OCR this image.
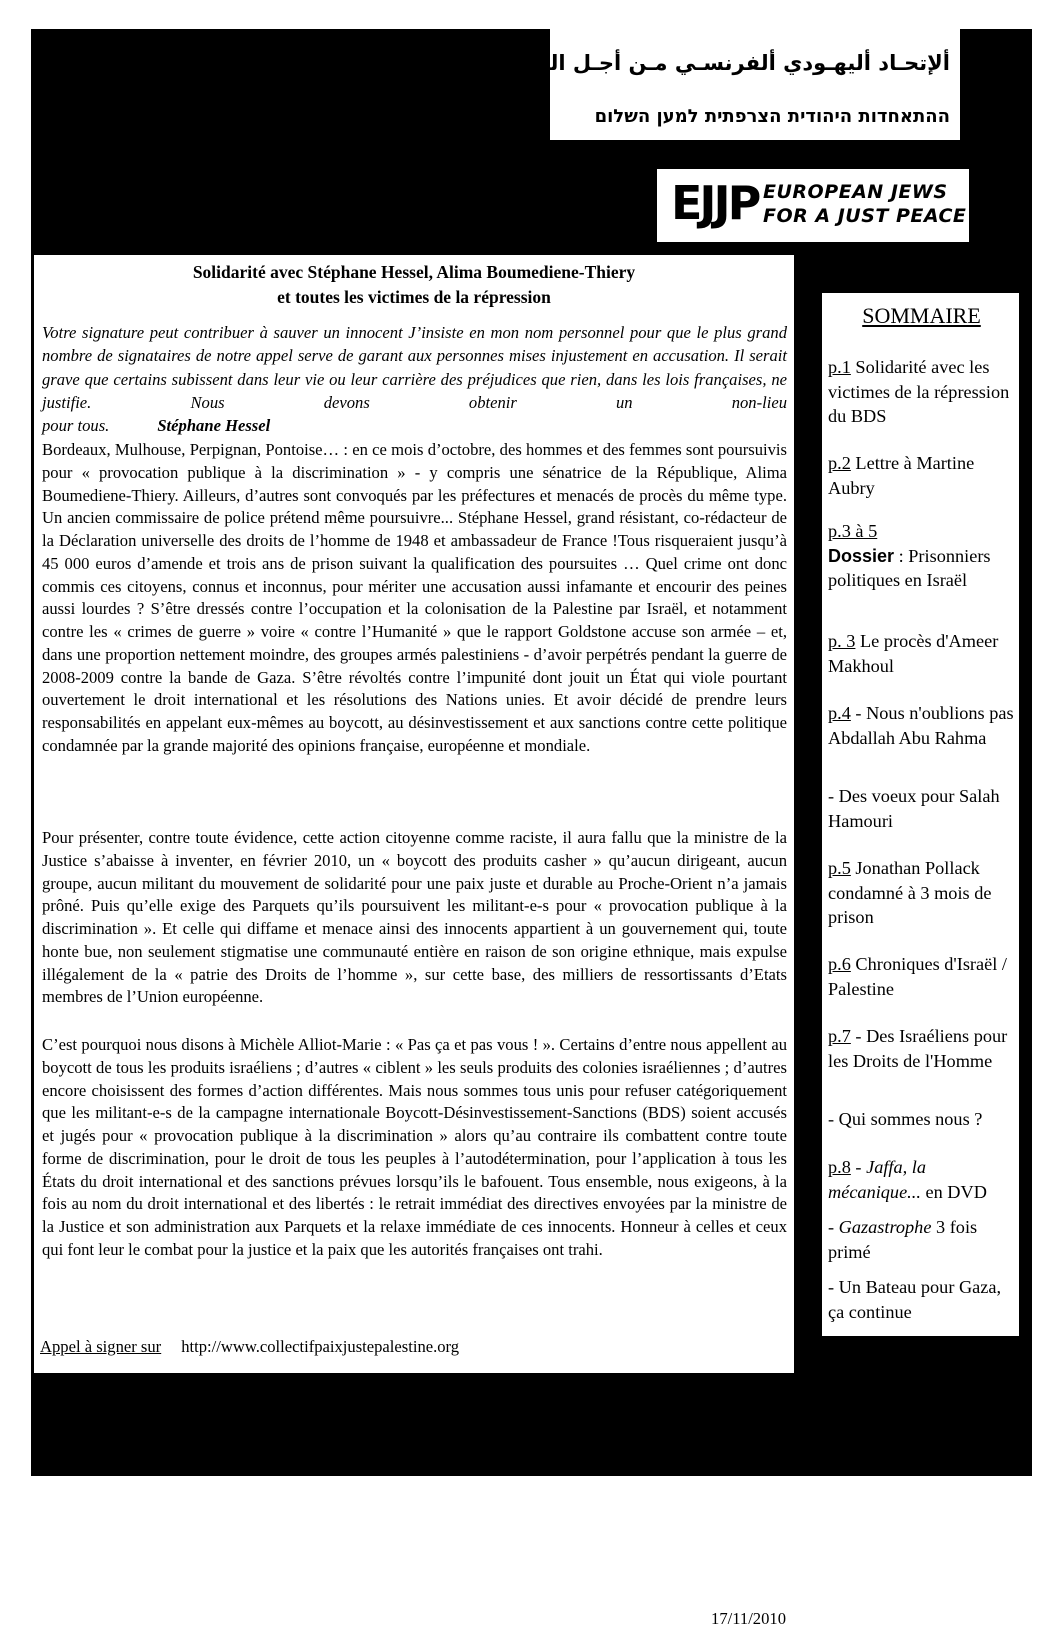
ألإتحـاد أليهـودي ألفرنسـي مـن أجـل السـلام
ההתאחדות היהודית הצרפתית למען השלום
EJJP EUROPEAN JEWS
FOR A JUST PEACE
Solidarité avec Stéphane Hessel, Alima Boumediene-Thiery
et toutes les victimes de la répression
Votre signature peut contribuer à sauver un innocent J’insiste en mon nom personnel pour que le plus grand nombre de signataires de notre appel serve de garant aux personnes mises injustement en accusation. Il serait grave que certains subissent dans leur vie ou leur carrière des préjudices que rien, dans les lois françaises, ne justifie. Nous devons obtenir un non-lieu
pour tous.	Stéphane Hessel
Bordeaux, Mulhouse, Perpignan, Pontoise… : en ce mois d’octobre, des hommes et des femmes sont poursuivis pour « provocation publique à la discrimination » - y compris une sénatrice de la République, Alima Boumediene-Thiery. Ailleurs, d’autres sont convoqués par les préfectures et menacés de procès du même type. Un ancien commissaire de police prétend même poursuivre... Stéphane Hessel, grand résistant, co-rédacteur de la Déclaration universelle des droits de l’homme de 1948 et ambassadeur de France !Tous risqueraient jusqu’à 45 000 euros d’amende et trois ans de prison suivant la qualification des poursuites … Quel crime ont donc commis ces citoyens, connus et inconnus, pour mériter une accusation aussi infamante et encourir des peines aussi lourdes ? S’être dressés contre l’occupation et la colonisation de la Palestine par Israël, et notamment contre les « crimes de guerre » voire « contre l’Humanité » que le rapport Goldstone accuse son armée – et, dans une proportion nettement moindre, des groupes armés palestiniens - d’avoir perpétrés pendant la guerre de 2008-2009 contre la bande de Gaza. S’être révoltés contre l’impunité dont jouit un État qui viole pourtant ouvertement le droit international et les résolutions des Nations unies. Et avoir décidé de prendre leurs responsabilités en appelant eux-mêmes au boycott, au désinvestissement et aux sanctions contre cette politique condamnée par la grande majorité des opinions française, européenne et mondiale.
Pour présenter, contre toute évidence, cette action citoyenne comme raciste, il aura fallu que la ministre de la Justice s’abaisse à inventer, en février 2010, un « boycott des produits casher » qu’aucun dirigeant, aucun groupe, aucun militant du mouvement de solidarité pour une paix juste et durable au Proche-Orient n’a jamais prôné. Puis qu’elle exige des Parquets qu’ils poursuivent les militant-e-s pour « provocation publique à la discrimination ». Et celle qui diffame et menace ainsi des innocents appartient à un gouvernement qui, toute honte bue, non seulement stigmatise une communauté entière en raison de son origine ethnique, mais expulse illégalement de la « patrie des Droits de l’homme », sur cette base, des milliers de ressortissants d’Etats membres de l’Union européenne.
C’est pourquoi nous disons à Michèle Alliot-Marie : « Pas ça et pas vous ! ». Certains d’entre nous appellent au boycott de tous les produits israéliens ; d’autres « ciblent » les seuls produits des colonies israéliennes ; d’autres encore choisissent des formes d’action différentes. Mais nous sommes tous unis pour refuser catégoriquement que les militant-e-s de la campagne internationale Boycott-Désinvestissement-Sanctions (BDS) soient accusés et jugés pour « provocation publique à la discrimination » alors qu’au contraire ils combattent contre toute forme de discrimination, pour le droit de tous les peuples à l’autodétermination, pour l’application à tous les États du droit international et des sanctions prévues lorsqu’ils le bafouent. Tous ensemble, nous exigeons, à la fois au nom du droit international et des libertés : le retrait immédiat des directives envoyées par la ministre de la Justice et son administration aux Parquets et la relaxe immédiate de ces innocents. Honneur à celles et ceux qui font leur le combat pour la justice et la paix que les autorités françaises ont trahi.
17/11/2010
Appel à signer sur http://www.collectifpaixjustepalestine.org
SOMMAIRE
p.1 Solidarité avec les victimes de la répression du BDS
p.2 Lettre à Martine Aubry
p.3 à 5
Dossier : Prisonniers politiques en Israël
p. 3 Le procès d'Ameer Makhoul
p.4 - Nous n'oublions pas Abdallah Abu Rahma
- Des voeux pour Salah Hamouri
p.5 Jonathan Pollack condamné à 3 mois de prison
p.6 Chroniques d'Israël / Palestine
p.7 - Des Israéliens pour les Droits de l'Homme
- Qui sommes nous ?
p.8 - Jaffa, la mécanique... en DVD
- Gazastrophe 3 fois primé
- Un Bateau pour Gaza, ça continue
